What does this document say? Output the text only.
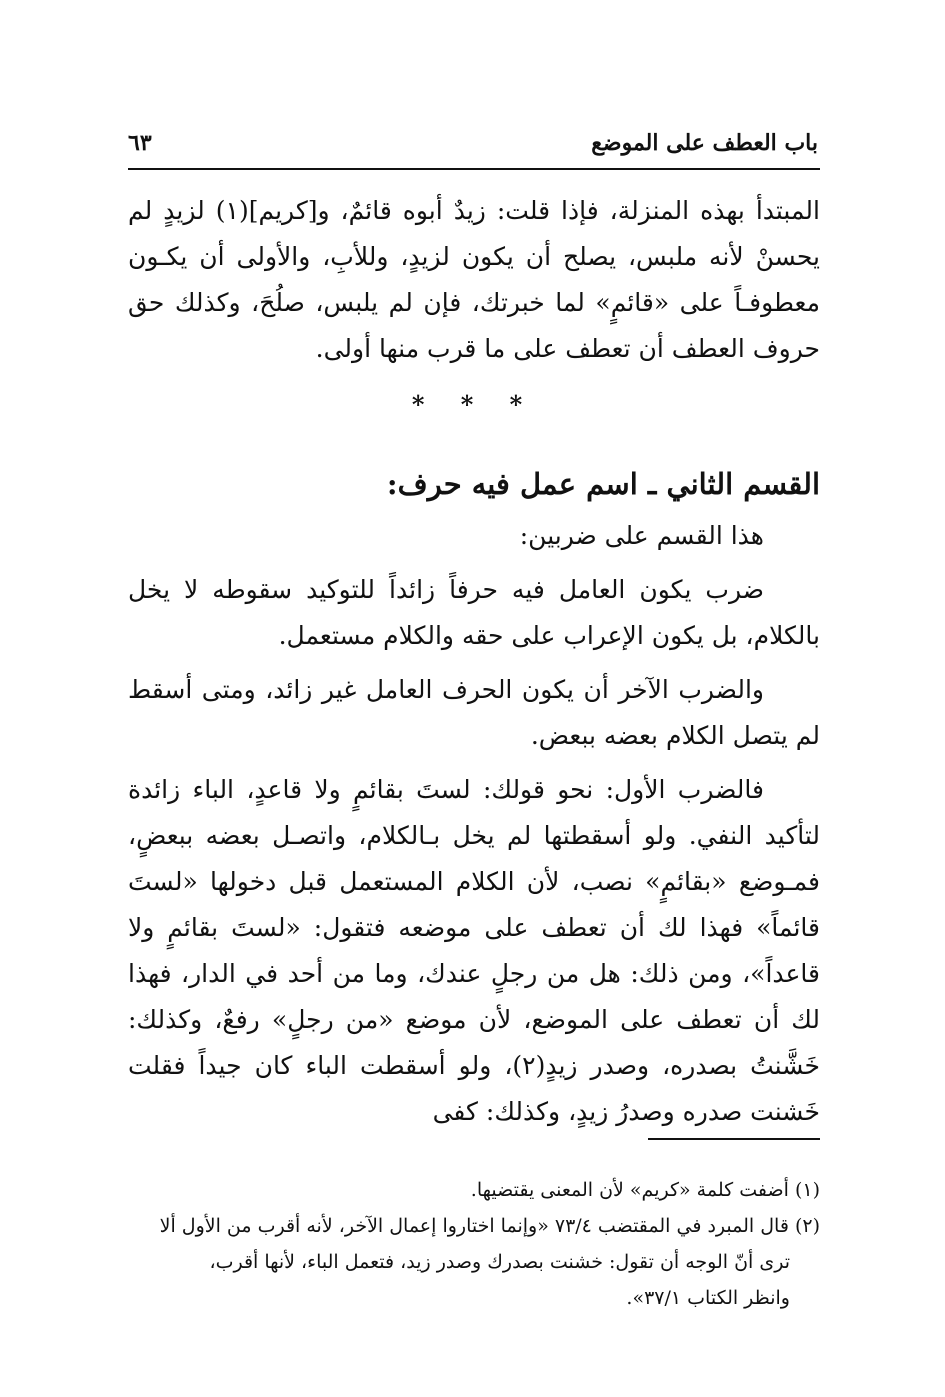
باب العطف على الموضع
٦٣

المبتدأ بهذه المنزلة، فإذا قلت: زيدٌ أبوه قائمٌ، و[كريم](١) لزيدٍ لم يحسنْ لأنه ملبس، يصلح أن يكون لزيدٍ، وللأبِ، والأولى أن يكـون معطوفـاً على «قائمٍ» لما خبرتك، فإن لم يلبس، صلُحَ، وكذلك حق حروف العطف أن تعطف على ما قرب منها أولى.

* * *
القسم الثاني ـ اسم عمل فيه حرف:

هذا القسم على ضربين:

ضرب يكون العامل فيه حرفاً زائداً للتوكيد سقوطه لا يخل بالكلام، بل يكون الإعراب على حقه والكلام مستعمل.

والضرب الآخر أن يكون الحرف العامل غير زائد، ومتى أسقط لم يتصل الكلام بعضه ببعض.

فالضرب الأول: نحو قولك: لستَ بقائمٍ ولا قاعدٍ، الباء زائدة لتأكيد النفي. ولو أسقطتها لم يخل بـالكلام، واتصـل بعضه ببعضٍ، فمـوضع «بقائمٍ» نصب، لأن الكلام المستعمل قبل دخولها «لستَ قائماً» فهذا لك أن تعطف على موضعه فتقول: «لستَ بقائمٍ ولا قاعداً»، ومن ذلك: هل من رجلٍ عندك، وما من أحد في الدار، فهذا لك أن تعطف على الموضع، لأن موضع «من رجلٍ» رفعٌ، وكذلك: خَشَّنتُ بصدره، وصدر زيدٍ(٢)، ولو أسقطت الباء كان جيداً فقلت خَشنت صدره وصدرُ زيدٍ، وكذلك: كفى

(١) أضفت كلمة «كريم» لأن المعنى يقتضيها.

(٢) قال المبرد في المقتضب ٧٣/٤ «وإنما اختاروا إعمال الآخر، لأنه أقرب من الأول ألا

ترى أنّ الوجه أن تقول: خشنت بصدرك وصدر زيد، فتعمل الباء، لأنها أقرب،

وانظر الكتاب ٣٧/١».
